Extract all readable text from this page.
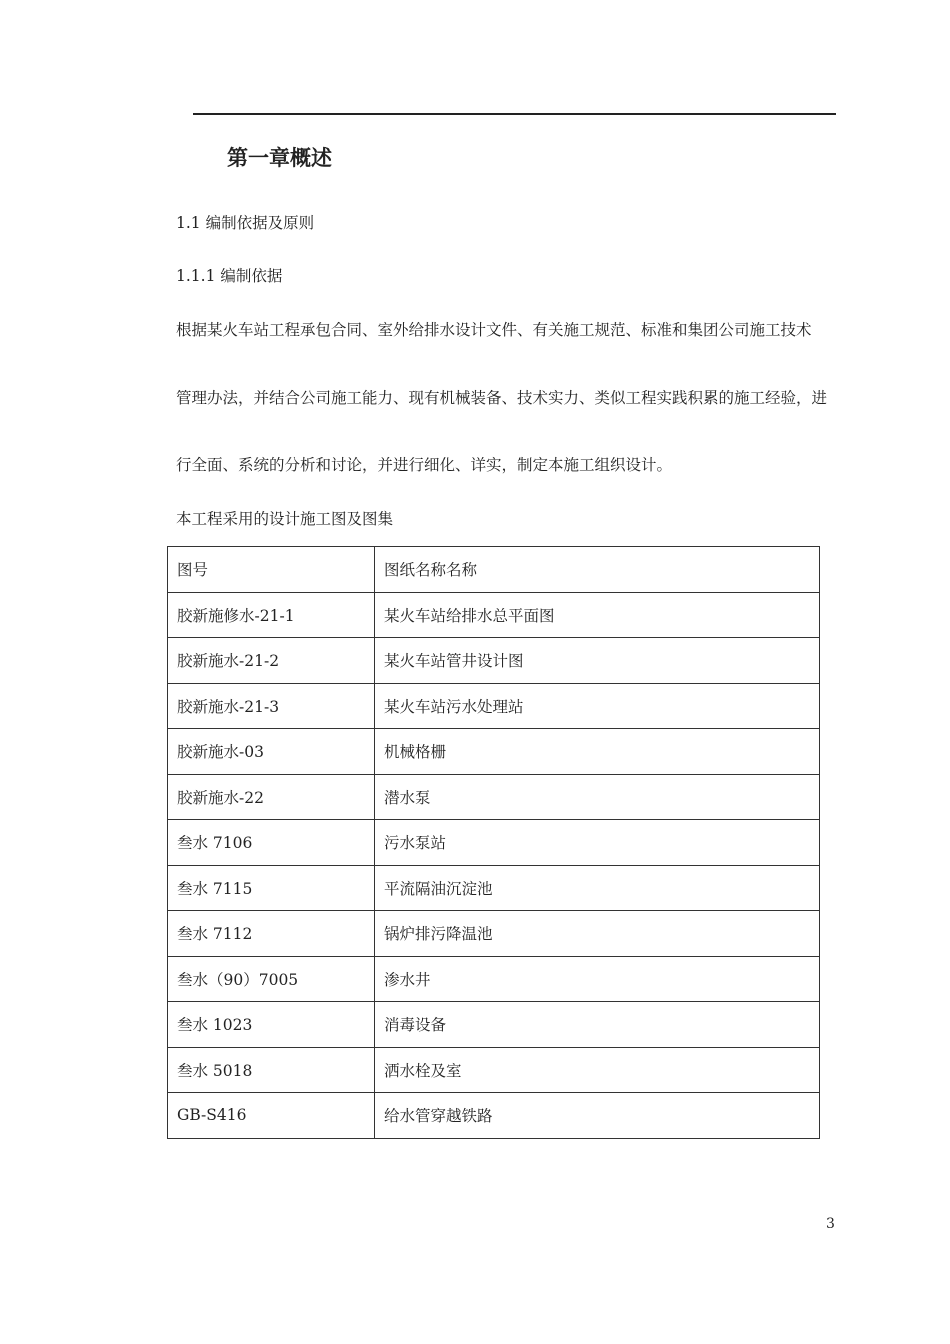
第一章概述

1.1 编制依据及原则

1.1.1 编制依据

根据某火车站工程承包合同、室外给排水设计文件、有关施工规范、标准和集团公司施工技术

管理办法，并结合公司施工能力、现有机械装备、技术实力、类似工程实践积累的施工经验，进

行全面、系统的分析和讨论，并进行细化、详实，制定本施工组织设计。

本工程采用的设计施工图及图集

图号	图纸名称名称
胶新施修水-21-1	某火车站给排水总平面图
胶新施水-21-2	某火车站管井设计图
胶新施水-21-3	某火车站污水处理站
胶新施水-03	机械格栅
胶新施水-22	潜水泵
叁水 7106	污水泵站
叁水 7115	平流隔油沉淀池
叁水 7112	锅炉排污降温池
叁水（90）7005	渗水井
叁水 1023	消毒设备
叁水 5018	洒水栓及室
GB-S416	给水管穿越铁路

3
